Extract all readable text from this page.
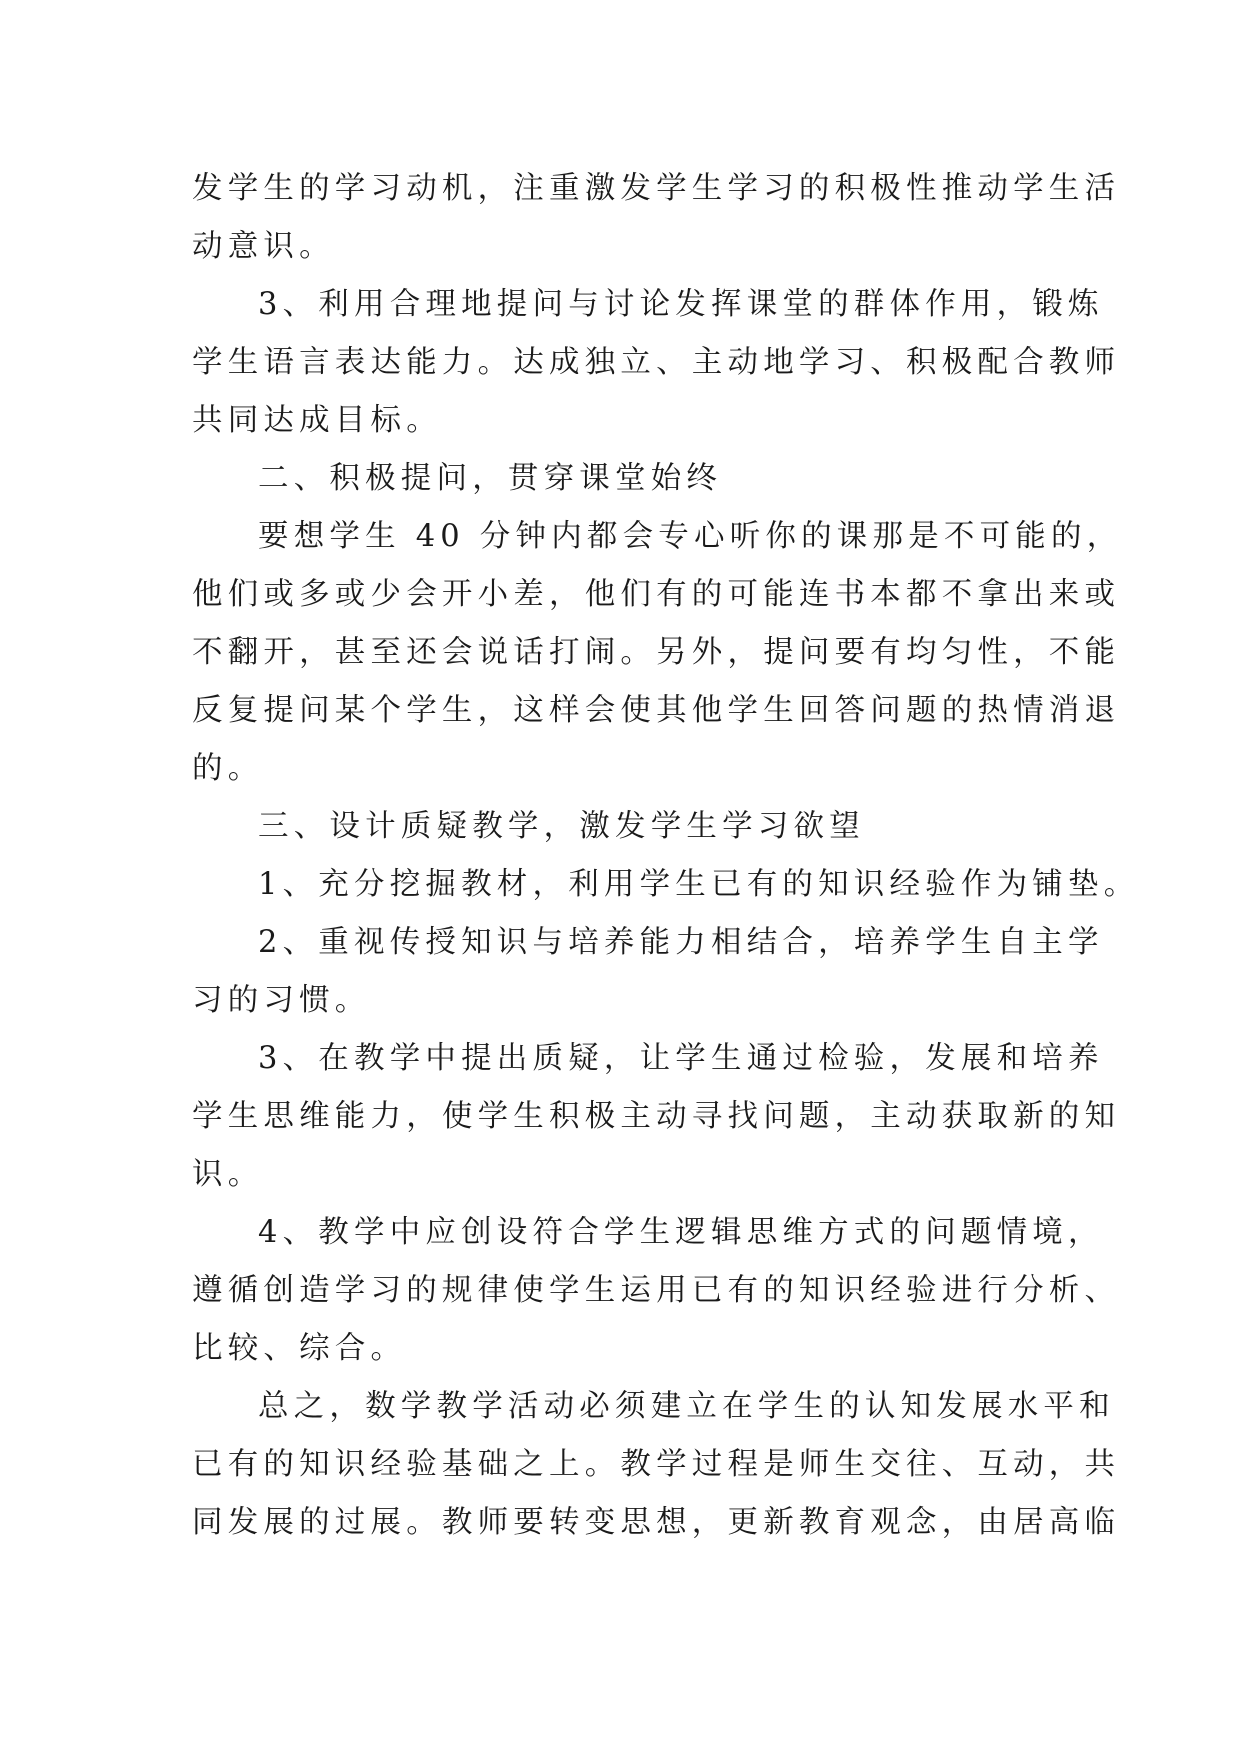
发学生的学习动机，注重激发学生学习的积极性推动学生活
动意识。
3、利用合理地提问与讨论发挥课堂的群体作用，锻炼
学生语言表达能力。达成独立、主动地学习、积极配合教师
共同达成目标。
二、积极提问，贯穿课堂始终
要想学生 40 分钟内都会专心听你的课那是不可能的，
他们或多或少会开小差，他们有的可能连书本都不拿出来或
不翻开，甚至还会说话打闹。另外，提问要有均匀性，不能
反复提问某个学生，这样会使其他学生回答问题的热情消退
的。
三、设计质疑教学，激发学生学习欲望
1、充分挖掘教材，利用学生已有的知识经验作为铺垫。
2、重视传授知识与培养能力相结合，培养学生自主学
习的习惯。
3、在教学中提出质疑，让学生通过检验，发展和培养
学生思维能力，使学生积极主动寻找问题，主动获取新的知
识。
4、教学中应创设符合学生逻辑思维方式的问题情境，
遵循创造学习的规律使学生运用已有的知识经验进行分析、
比较、综合。
总之，数学教学活动必须建立在学生的认知发展水平和
已有的知识经验基础之上。教学过程是师生交往、互动，共
同发展的过展。教师要转变思想，更新教育观念，由居高临
